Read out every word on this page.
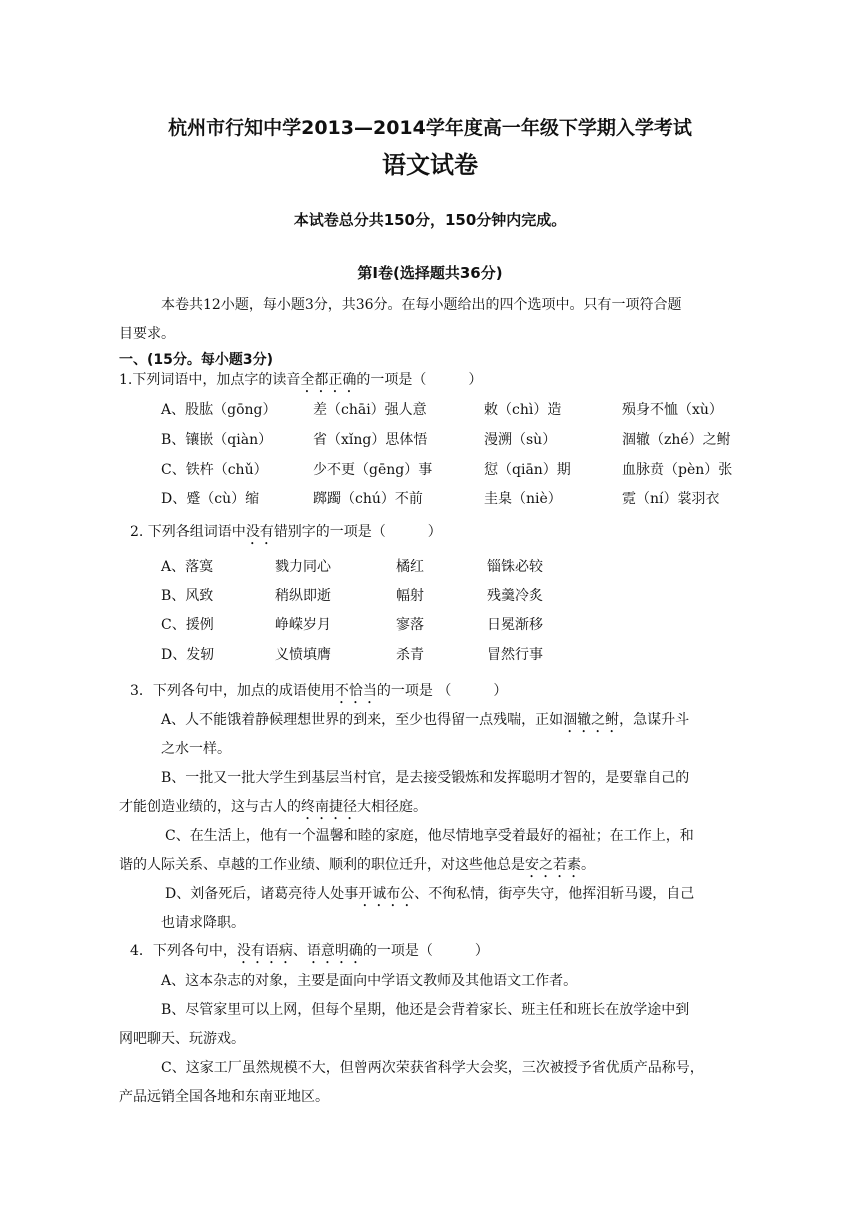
杭州市行知中学2013—2014学年度高一年级下学期入学考试
语文试卷
本试卷总分共150分，150分钟内完成。
第Ⅰ卷(选择题共36分)
本卷共12小题，每小题3分，共36分。在每小题给出的四个选项中。只有一项符合题
目要求。
一、(15分。每小题3分)
1.下列词语中，加点字的读音全都正确的一项是（　　　）
A、股肱（gōng）	差（chāi）强人意	敕（chì）造	殒身不恤（xù）
B、镶嵌（qiàn）	省（xǐng）思体悟	漫溯（sù）	涸辙（zhé）之鲋
C、铁杵（chǔ）	少不更（gēng）事	愆（qiān）期	血脉贲（pèn）张
D、蹙（cù）缩	踯躅（chú）不前	圭臬（niè）	霓（ní）裳羽衣
2. 下列各组词语中没有错别字的一项是（　　　）
A、落寞	戮力同心	橘红	锱铢必较
B、风致	稍纵即逝	幅射	残羹冷炙
C、援例	峥嵘岁月	寥落	日冕渐移
D、发轫	义愤填膺	杀青	冒然行事
3．下列各句中，加点的成语使用不恰当的一项是 （　　　）
A、人不能饿着静候理想世界的到来，至少也得留一点残喘，正如涸辙之鲋，急谋升斗
之水一样。
B、一批又一批大学生到基层当村官，是去接受锻炼和发挥聪明才智的，是要靠自己的
才能创造业绩的，这与古人的终南捷径大相径庭。
C、在生活上，他有一个温馨和睦的家庭，他尽情地享受着最好的福祉；在工作上，和
谐的人际关系、卓越的工作业绩、顺利的职位迁升，对这些他总是安之若素。
D、刘备死后，诸葛亮待人处事开诚布公、不徇私情，街亭失守，他挥泪斩马谡，自己
也请求降职。
4．下列各句中，没有语病、语意明确的一项是（　　　）
A、这本杂志的对象，主要是面向中学语文教师及其他语文工作者。
B、尽管家里可以上网，但每个星期，他还是会背着家长、班主任和班长在放学途中到
网吧聊天、玩游戏。
C、这家工厂虽然规模不大，但曾两次荣获省科学大会奖，三次被授予省优质产品称号，
产品远销全国各地和东南亚地区。
